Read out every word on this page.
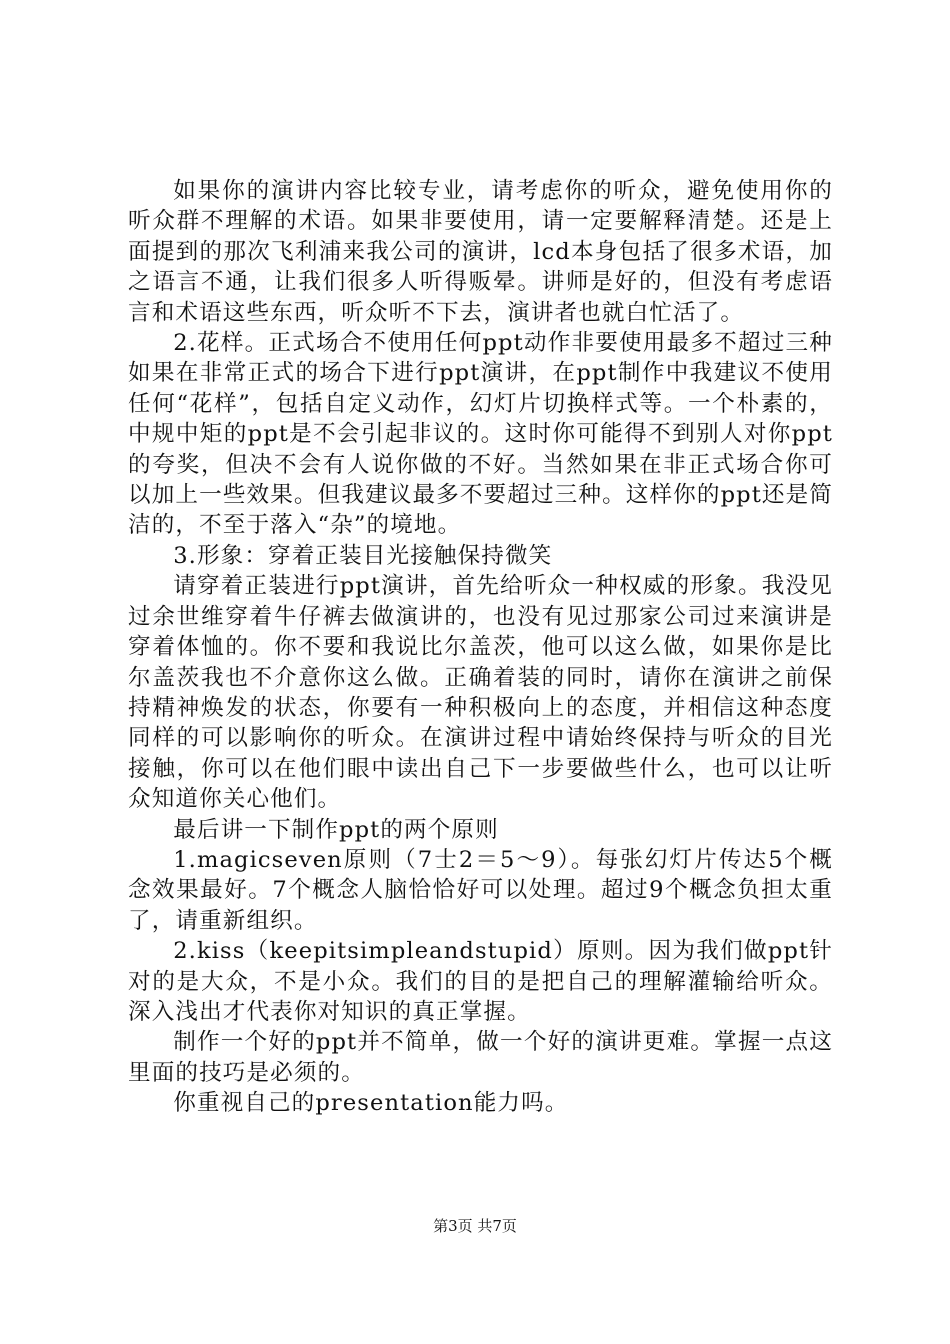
如果你的演讲内容比较专业，请考虑你的听众，避免使用你的听众群不理解的术语。如果非要使用，请一定要解释清楚。还是上面提到的那次飞利浦来我公司的演讲，lcd本身包括了很多术语，加之语言不通，让我们很多人听得贩晕。讲师是好的，但没有考虑语言和术语这些东西，听众听不下去，演讲者也就白忙活了。

2.花样。正式场合不使用任何ppt动作非要使用最多不超过三种如果在非常正式的场合下进行ppt演讲，在ppt制作中我建议不使用任何“花样”，包括自定义动作，幻灯片切换样式等。一个朴素的，中规中矩的ppt是不会引起非议的。这时你可能得不到别人对你ppt的夸奖，但决不会有人说你做的不好。当然如果在非正式场合你可以加上一些效果。但我建议最多不要超过三种。这样你的ppt还是简洁的，不至于落入“杂”的境地。

3.形象：穿着正装目光接触保持微笑

请穿着正装进行ppt演讲，首先给听众一种权威的形象。我没见过余世维穿着牛仔裤去做演讲的，也没有见过那家公司过来演讲是穿着体恤的。你不要和我说比尔盖茨，他可以这么做，如果你是比尔盖茨我也不介意你这么做。正确着装的同时，请你在演讲之前保持精神焕发的状态，你要有一种积极向上的态度，并相信这种态度同样的可以影响你的听众。在演讲过程中请始终保持与听众的目光接触，你可以在他们眼中读出自己下一步要做些什么，也可以让听众知道你关心他们。

最后讲一下制作ppt的两个原则

1.magicseven原则（7士2＝5～9）。每张幻灯片传达5个概念效果最好。7个概念人脑恰恰好可以处理。超过9个概念负担太重了，请重新组织。

2.kiss（keepitsimpleandstupid）原则。因为我们做ppt针对的是大众，不是小众。我们的目的是把自己的理解灌输给听众。深入浅出才代表你对知识的真正掌握。

制作一个好的ppt并不简单，做一个好的演讲更难。掌握一点这里面的技巧是必须的。

你重视自己的presentation能力吗。

第3页 共7页
